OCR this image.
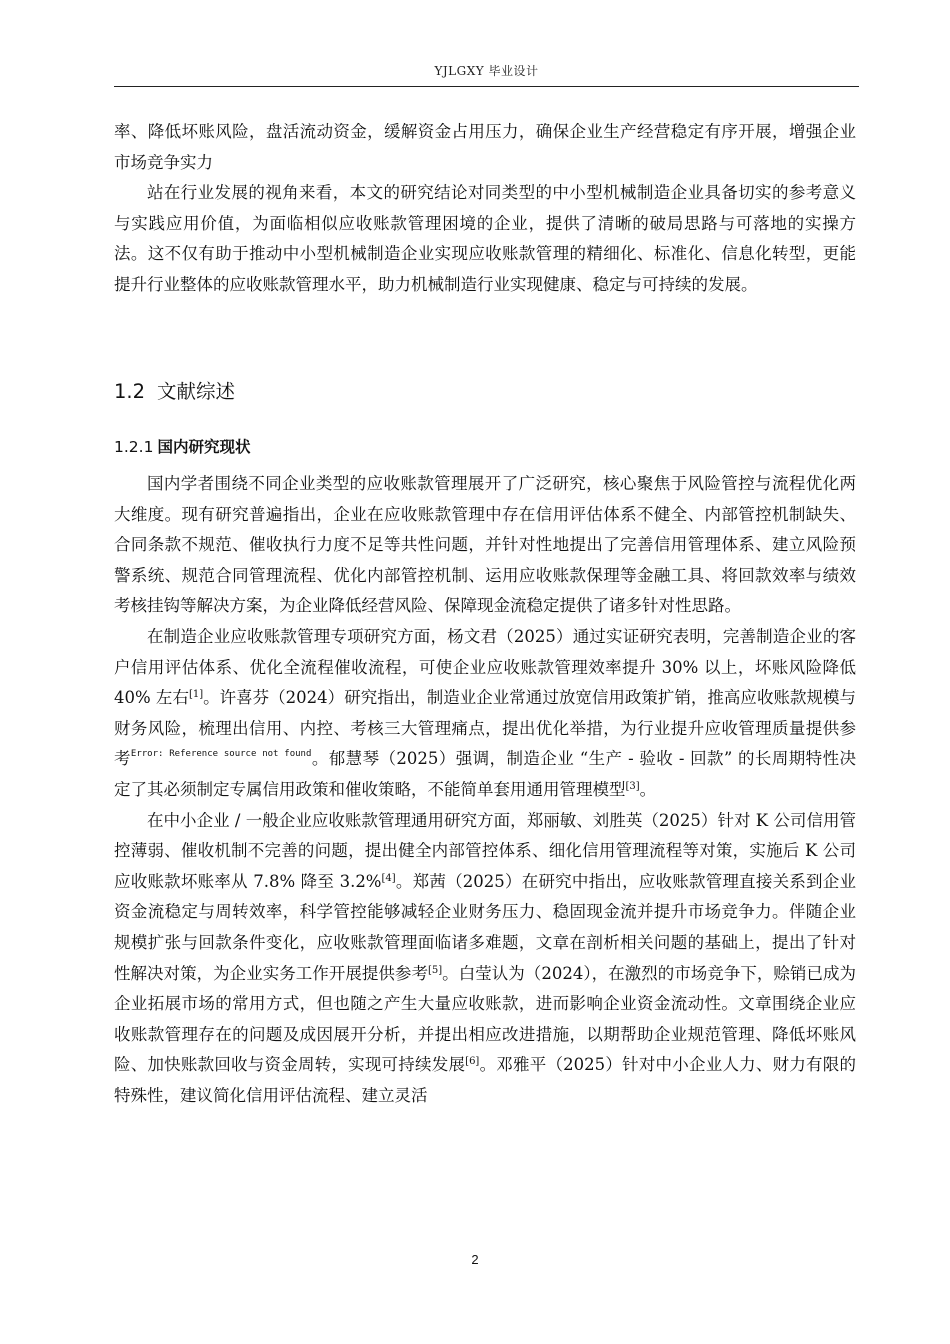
YJLGXY 毕业设计

率、降低坏账风险，盘活流动资金，缓解资金占用压力，确保企业生产经营稳定有序开展，增强企业市场竞争实力

站在行业发展的视角来看，本文的研究结论对同类型的中小型机械制造企业具备切实的参考意义与实践应用价值，为面临相似应收账款管理困境的企业，提供了清晰的破局思路与可落地的实操方法。这不仅有助于推动中小型机械制造企业实现应收账款管理的精细化、标准化、信息化转型，更能提升行业整体的应收账款管理水平，助力机械制造行业实现健康、稳定与可持续的发展。

1.2 文献综述
1.2.1 国内研究现状

国内学者围绕不同企业类型的应收账款管理展开了广泛研究，核心聚焦于风险管控与流程优化两大维度。现有研究普遍指出，企业在应收账款管理中存在信用评估体系不健全、内部管控机制缺失、合同条款不规范、催收执行力度不足等共性问题，并针对性地提出了完善信用管理体系、建立风险预警系统、规范合同管理流程、优化内部管控机制、运用应收账款保理等金融工具、将回款效率与绩效考核挂钩等解决方案，为企业降低经营风险、保障现金流稳定提供了诸多针对性思路。

在制造企业应收账款管理专项研究方面，杨文君（2025）通过实证研究表明，完善制造企业的客户信用评估体系、优化全流程催收流程，可使企业应收账款管理效率提升 30% 以上，坏账风险降低 40% 左右[1]。许喜芬（2024）研究指出，制造业企业常通过放宽信用政策扩销，推高应收账款规模与财务风险，梳理出信用、内控、考核三大管理痛点，提出优化举措，为行业提升应收管理质量提供参考$^{Error: Reference source not found}$。郁慧琴（2025）强调，制造企业 “生产 - 验收 - 回款” 的长周期特性决定了其必须制定专属信用政策和催收策略，不能简单套用通用管理模型[3]。

在中小企业 / 一般企业应收账款管理通用研究方面，郑丽敏、刘胜英（2025）针对 K 公司信用管控薄弱、催收机制不完善的问题，提出健全内部管控体系、细化信用管理流程等对策，实施后 K 公司应收账款坏账率从 7.8% 降至 3.2%[4]。郑茜（2025）在研究中指出，应收账款管理直接关系到企业资金流稳定与周转效率，科学管控能够减轻企业财务压力、稳固现金流并提升市场竞争力。伴随企业规模扩张与回款条件变化，应收账款管理面临诸多难题，文章在剖析相关问题的基础上，提出了针对性解决对策，为企业实务工作开展提供参考[5]。白莹认为（2024），在激烈的市场竞争下，赊销已成为企业拓展市场的常用方式，但也随之产生大量应收账款，进而影响企业资金流动性。文章围绕企业应收账款管理存在的问题及成因展开分析，并提出相应改进措施，以期帮助企业规范管理、降低坏账风险、加快账款回收与资金周转，实现可持续发展[6]。邓雅平（2025）针对中小企业人力、财力有限的特殊性，建议简化信用评估流程、建立灵活

2
